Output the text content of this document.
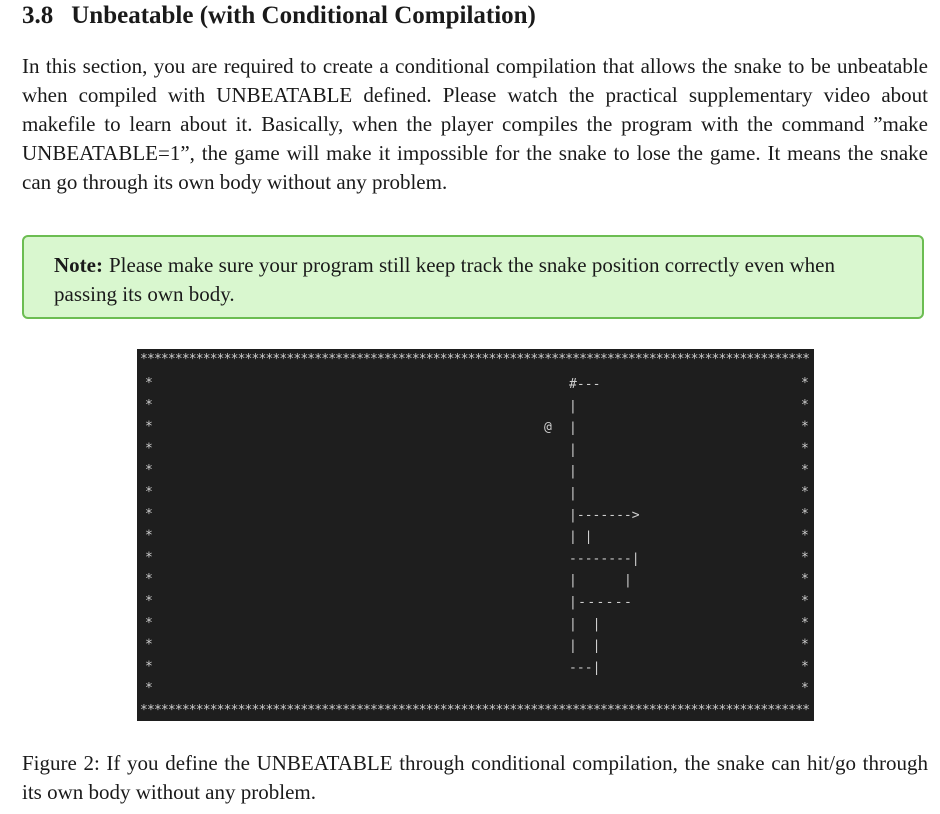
3.8 Unbeatable (with Conditional Compilation)

In this section, you are required to create a conditional compilation that allows the snake to be unbeatable when compiled with UNBEATABLE defined. Please watch the practical supplementary video about makefile to learn about it. Basically, when the player compiles the program with the command ”make UNBEATABLE=1”, the game will make it impossible for the snake to lose the game. It means the snake can go through its own body without any problem.

Note: Please make sure your program still keep track the snake position correctly even when passing its own body.
************************************************************************************************
************************************************************************************************
*	*
*	*
*	*
*	*
*	*
*	*
*	*
*	*
*	*
*	*
*	*
*	*
*	*
*	*
*	*
@
#---
|
|
|
|
|
|------->
| |
--------|
| |
|------
| |
| |
---|

Figure 2: If you define the UNBEATABLE through conditional compilation, the snake can hit/go through its own body without any problem.
